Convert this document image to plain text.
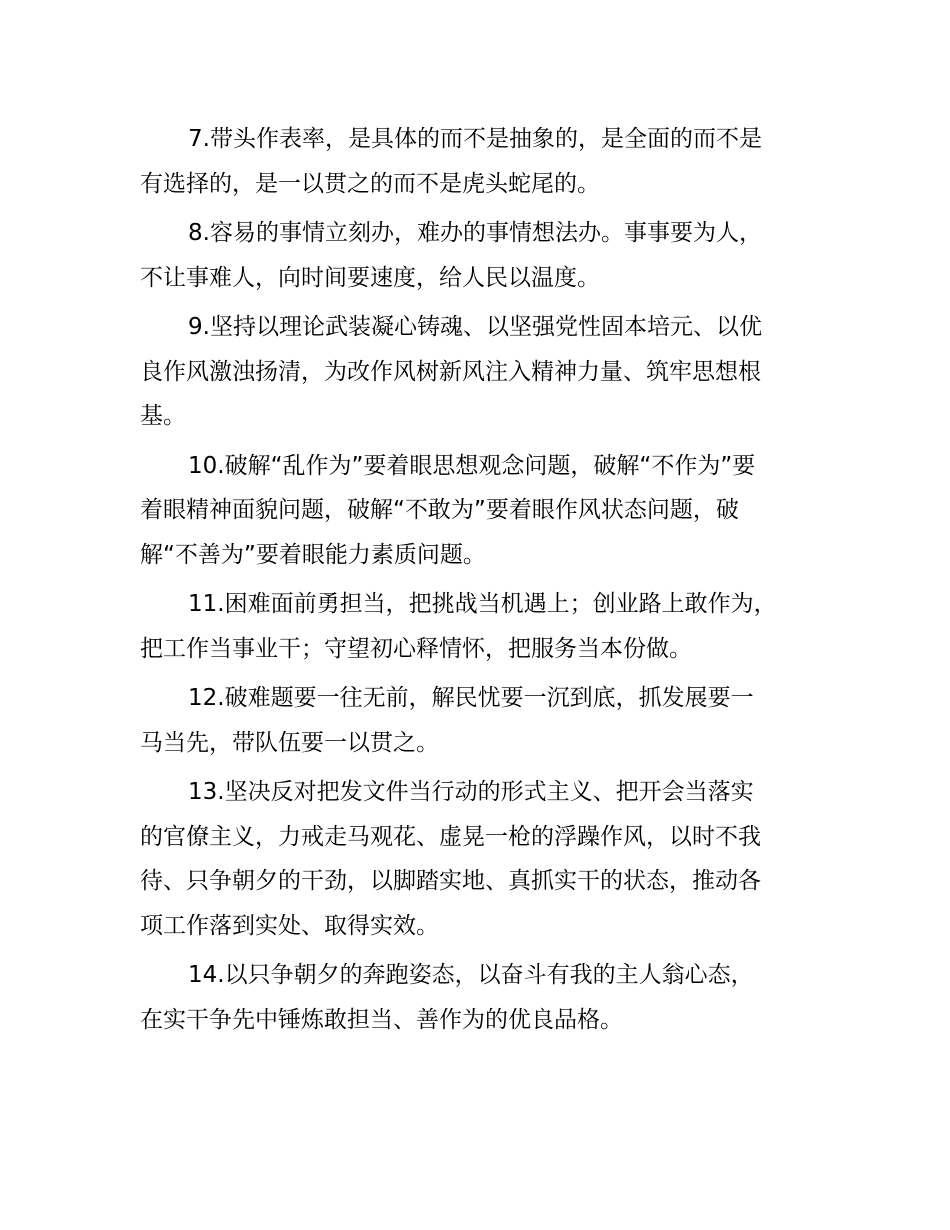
7.带头作表率，是具体的而不是抽象的，是全面的而不是
有选择的，是一以贯之的而不是虎头蛇尾的。
8.容易的事情立刻办，难办的事情想法办。事事要为人，
不让事难人，向时间要速度，给人民以温度。
9.坚持以理论武装凝心铸魂、以坚强党性固本培元、以优
良作风激浊扬清，为改作风树新风注入精神力量、筑牢思想根
基。
10.破解“乱作为”要着眼思想观念问题，破解“不作为”要
着眼精神面貌问题，破解“不敢为”要着眼作风状态问题，破
解“不善为”要着眼能力素质问题。
11.困难面前勇担当，把挑战当机遇上；创业路上敢作为，
把工作当事业干；守望初心释情怀，把服务当本份做。
12.破难题要一往无前，解民忧要一沉到底，抓发展要一
马当先，带队伍要一以贯之。
13.坚决反对把发文件当行动的形式主义、把开会当落实
的官僚主义，力戒走马观花、虚晃一枪的浮躁作风，以时不我
待、只争朝夕的干劲，以脚踏实地、真抓实干的状态，推动各
项工作落到实处、取得实效。
14.以只争朝夕的奔跑姿态，以奋斗有我的主人翁心态，
在实干争先中锤炼敢担当、善作为的优良品格。
